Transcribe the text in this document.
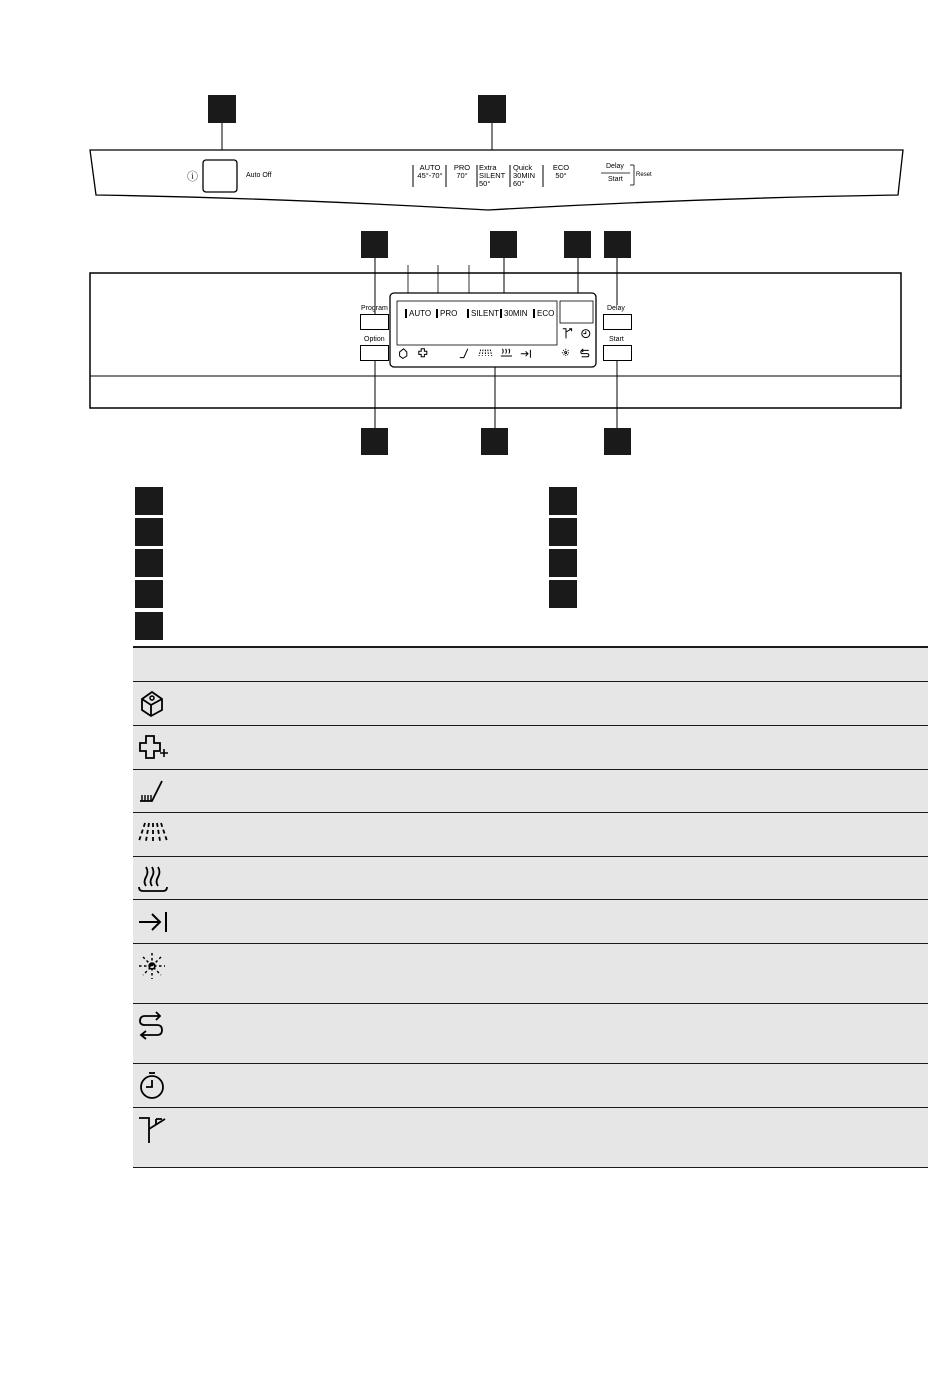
ⓘ	Auto Off
AUTO
45°-70°
PRO
70°
Extra
SILENT
50°
Quick
30MIN
60°
ECO
50°
Delay
Start
Reset
Program
Option
Delay
Start
AUTO	PRO	SILENT 30MIN	ECO
